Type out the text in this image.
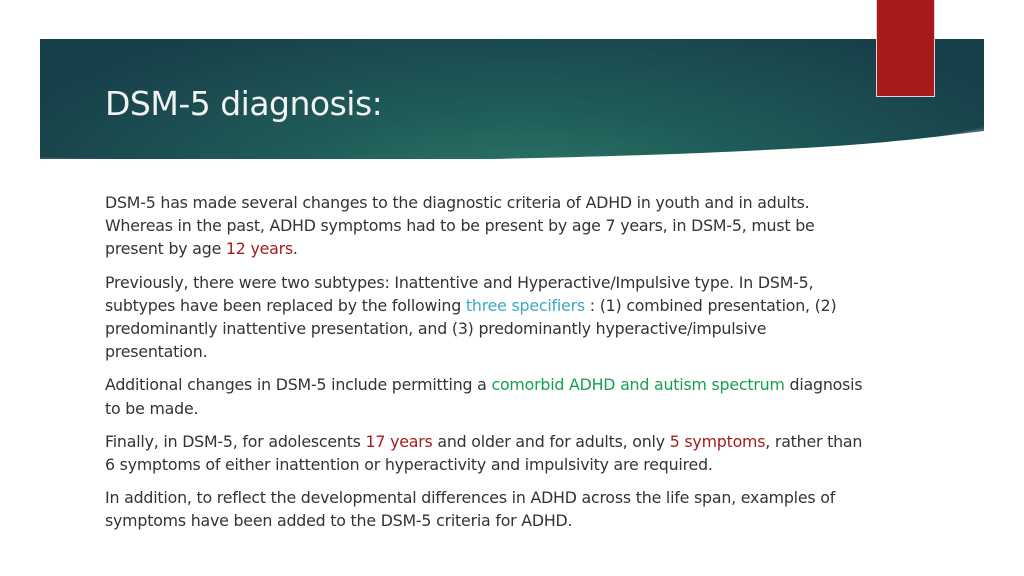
DSM-5 diagnosis:

DSM-5 has made several changes to the diagnostic criteria of ADHD in youth and in adults. Whereas in the past, ADHD symptoms had to be present by age 7 years, in DSM-5, must be present by age 12 years.

Previously, there were two subtypes: Inattentive and Hyperactive/Impulsive type. In DSM-5, subtypes have been replaced by the following three specifiers : (1) combined presentation, (2) predominantly inattentive presentation, and (3) predominantly hyperactive/impulsive presentation.

Additional changes in DSM-5 include permitting a comorbid ADHD and autism spectrum diagnosis to be made.

Finally, in DSM-5, for adolescents 17 years and older and for adults, only 5 symptoms, rather than 6 symptoms of either inattention or hyperactivity and impulsivity are required.

In addition, to reflect the developmental differences in ADHD across the life span, examples of symptoms have been added to the DSM-5 criteria for ADHD.
